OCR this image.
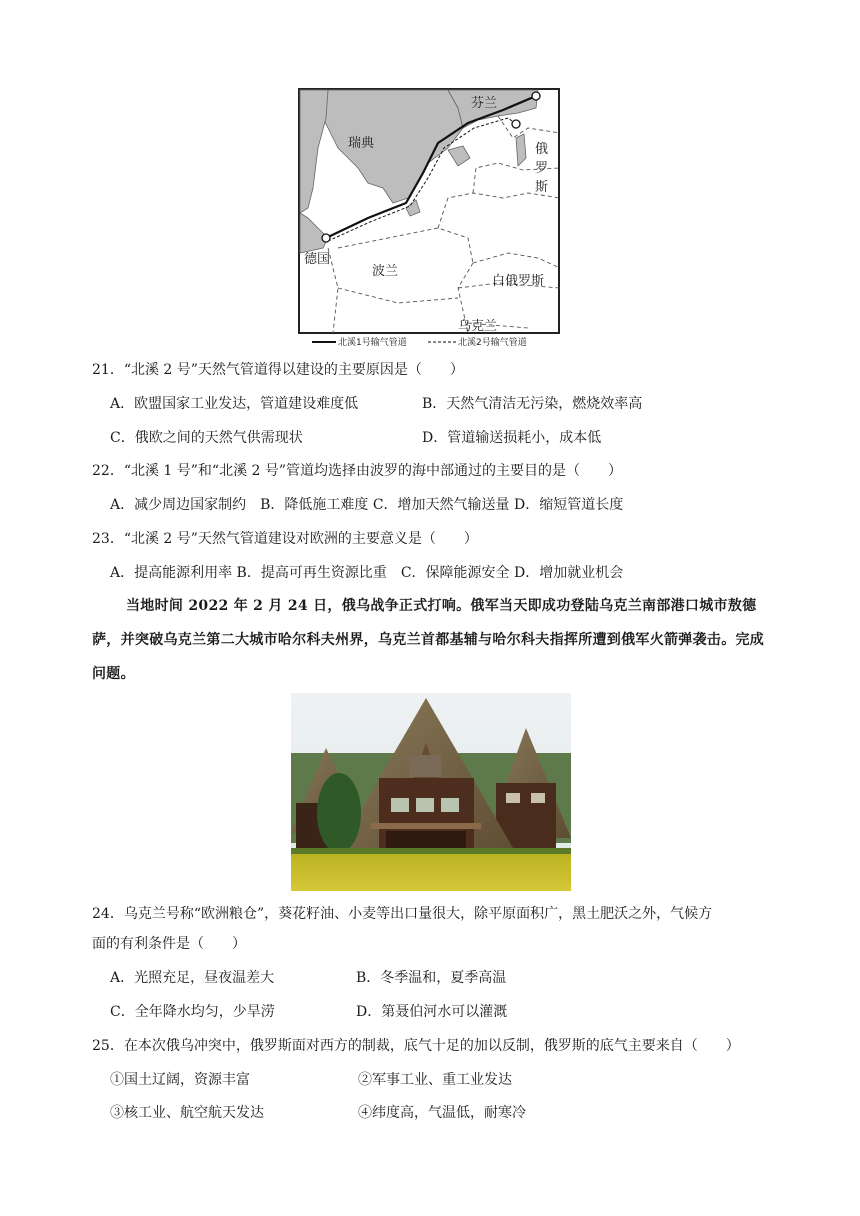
芬兰
瑞典	俄
罗
斯
德国
波兰
白俄罗斯
乌克兰
北溪1号输气管道	北溪2号输气管道
21．“北溪 2 号”天然气管道得以建设的主要原因是（　　）
A．欧盟国家工业发达，管道建设难度低	B．天然气清洁无污染，燃烧效率高
C．俄欧之间的天然气供需现状	D．管道输送损耗小，成本低
22．“北溪 1 号”和“北溪 2 号”管道均选择由波罗的海中部通过的主要目的是（　　）
A．减少周边国家制约　B．降低施工难度 C．增加天然气输送量 D．缩短管道长度
23．“北溪 2 号”天然气管道建设对欧洲的主要意义是（　　）
A．提高能源利用率 B．提高可再生资源比重　C．保障能源安全 D．增加就业机会
当地时间 2022 年 2 月 24 日，俄乌战争正式打响。俄军当天即成功登陆乌克兰南部港口城市敖德萨，并突破乌克兰第二大城市哈尔科夫州界，乌克兰首都基辅与哈尔科夫指挥所遭到俄军火箭弹袭击。完成问题。
24．乌克兰号称“欧洲粮仓”，葵花籽油、小麦等出口量很大，除平原面积广，黑土肥沃之外，气候方
面的有利条件是（　　）
A．光照充足，昼夜温差大	B．冬季温和，夏季高温
C．全年降水均匀，少旱涝	D．第聂伯河水可以灌溉
25．在本次俄乌冲突中，俄罗斯面对西方的制裁，底气十足的加以反制，俄罗斯的底气主要来自（　　）
①国土辽阔，资源丰富	②军事工业、重工业发达
③核工业、航空航天发达	④纬度高，气温低，耐寒冷
